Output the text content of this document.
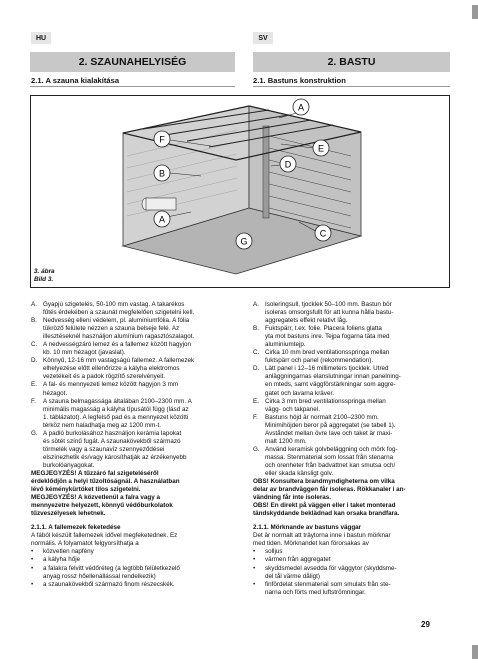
HU	SV
2. SZAUNAHELYISÉG	2. BASTU
2.1. A szauna kialakítása	2.1. Bastuns konstruktion
A
B
C
D
E
F
G
A
3. ábra
Bild 3.
A. Gyapjú szigetelés, 50-100 mm vastag. A takarékos
fűtés érdekében a szaunát megfelelően szigetelni kell.
B. Nedvesség elleni védelem, pl. alumíniumfólia. A fólia
tükröző felülete nézzen a szauna belseje felé. Az
illesztéseknél használjon alumínium ragasztószalagot.
C. A nedvességzáró lemez és a fallemez között hagyjon
kb. 10 mm hézagot (javaslat).
D. Könnyű, 12-16 mm vastagságú fallemez. A fallemezek
elhelyezése előtt ellenőrizze a kályha elektromos
vezetékeit és a padok rögzítő szerelvényeit.
E. A fal- és mennyezeti lemez között hagyjon 3 mm
hézagot.
F.	A szauna belmagassága általában 2100–2300 mm. A
minimális magasság a kályha típusától függ (lásd az
1. táblázatot). A legfelső pad és a mennyezet közötti
térköz nem haladhatja meg az 1200 mm-t.
G. A padló burkolásához használjon kerámia lapokat
és sötét színű fugát. A szaunakövekből származó
törmelék vagy a szaunavíz szennyeződései
elszínezhetik és/vagy károsíthatják az érzékenyebb
burkolóanyagokat.
MEGJEGYZÉS! A tűzzáró fal szigeteléséről
érdeklődjön a helyi tűzoltóságnál. A használatban
lévő kéménykürtöket tilos szigetelni.
MEGJEGYZÉS! A közvetlenül a falra vagy a
mennyezetre helyezett, könnyű védőburkolatok
tűzveszélyesek lehetnek.
2.1.1. A fallemezek feketedése
A fából készült fallemezek idővel megfeketednek. Ez
normális. A folyamatot felgyorsíthatja a
•	közvetlen napfény
•	a kályha hője
•	a falakra felvitt védőréteg (a legtöbb felületkezelő
anyag rossz hőellenállással rendelkezik)
•	a szaunakövekből származó finom részecskék.
A. Isoleringsull, tjocklek 50–100 mm. Bastun bör
isoleras omsorgsfullt för att kunna hålla bastu-
aggregatets effekt relativt låg.
B. Fuktspärr, t.ex. folie. Placera foliens glatta
yta mot bastuns inre. Tejpa fogarna täta med
aluminiumtejp.
C. Cirka 10 mm bred ventilationsspringa mellan
fuktspärr och panel (rekommendation).
D. Lätt panel i 12–16 millimeters tjocklek. Utred
anläggningarnas elanslutningar innan panelning-
en mteds, samt väggförstärkningar som aggre-
gatet och lavarna kräver.
E. Cirka 3 mm bred ventilationsspringa mellan
vägg- och takpanel.
F.	Bastuns höjd är normalt 2100–2300 mm.
Minimihöjden beror på aggregatet (se tabell 1).
Avståndet mellan övre lave och taket är maxi-
malt 1200 mm.
G. Använd keramisk golvbeläggning och mörk fog-
massa. Stenmaterial som lossat från stenarna
och orenheter från badvattnet kan smutsa och/
eller skada känsligt golv.
OBS! Konsultera brandmyndigheterna om vilka
delar av brandväggen får isoleras. Rökkanaler i an-
vändning får inte isoleras.
OBS! En direkt på väggen eller i taket monterad
tändskyddande beklädnad kan orsaka brandfara.
2.1.1. Mörknande av bastuns väggar
Det är normalt att träytorna inne i bastun mörknar
med tiden. Mörknandet kan förorsakas av
•	solljus
•	värmen från aggregatet
•	skyddsmedel avsedda för väggytor (skyddsme-
del tål värme dåligt)
•	finfördelat stenmaterial som smulats från ste-
narna och förts med luftströmningar.
29
